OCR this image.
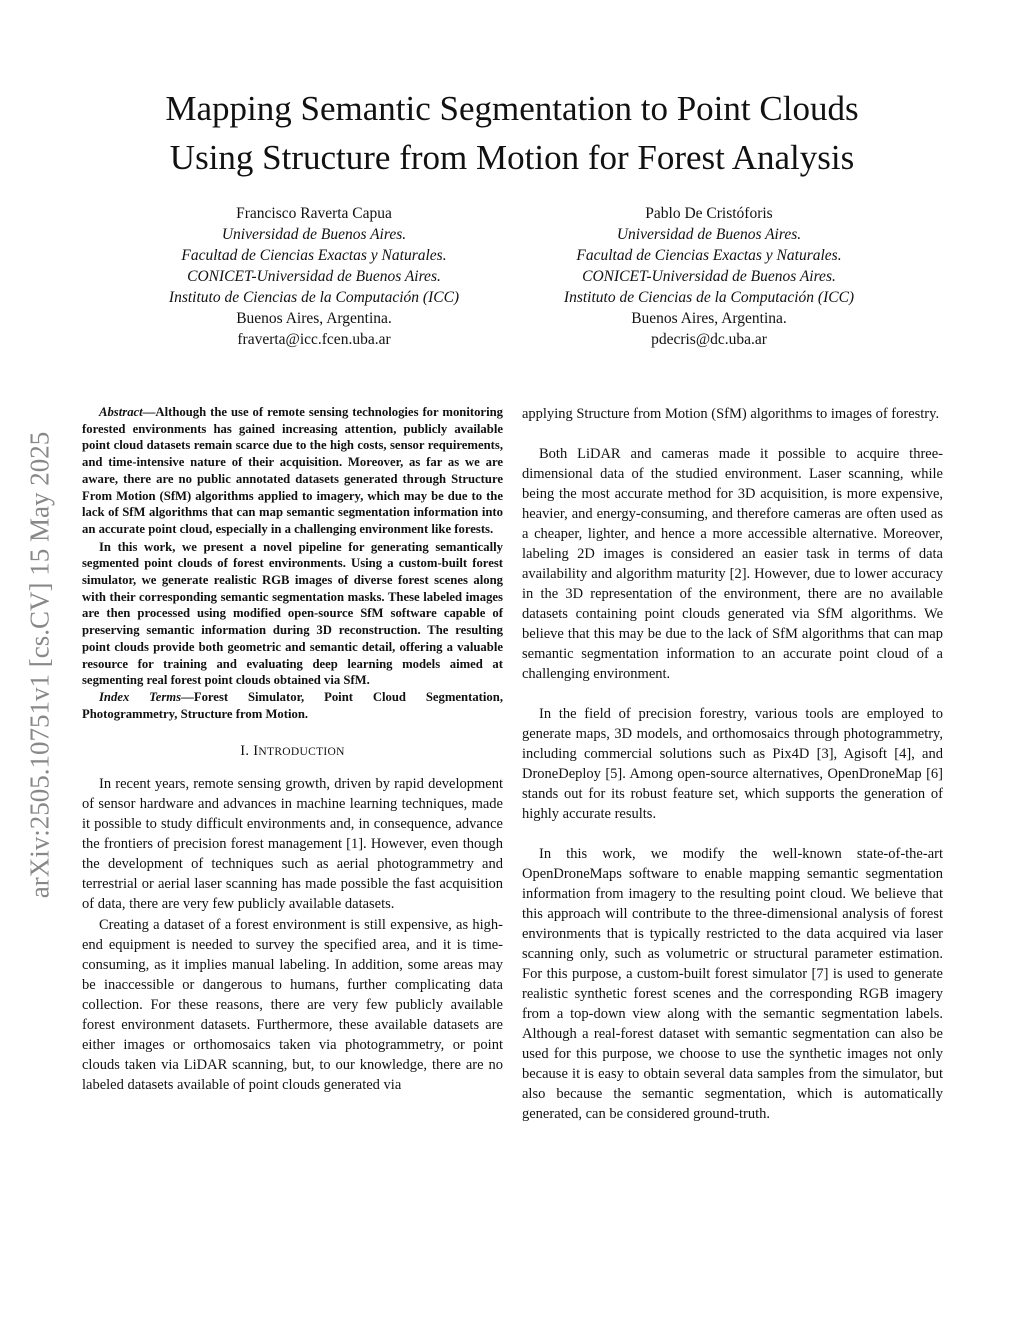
Mapping Semantic Segmentation to Point Clouds
Using Structure from Motion for Forest Analysis
Francisco Raverta Capua
Universidad de Buenos Aires.
Facultad de Ciencias Exactas y Naturales.
CONICET-Universidad de Buenos Aires.
Instituto de Ciencias de la Computación (ICC)
Buenos Aires, Argentina.
fraverta@icc.fcen.uba.ar
Pablo De Cristóforis
Universidad de Buenos Aires.
Facultad de Ciencias Exactas y Naturales.
CONICET-Universidad de Buenos Aires.
Instituto de Ciencias de la Computación (ICC)
Buenos Aires, Argentina.
pdecris@dc.uba.ar
arXiv:2505.10751v1 [cs.CV] 15 May 2025

Abstract—Although the use of remote sensing technologies for monitoring forested environments has gained increasing attention, publicly available point cloud datasets remain scarce due to the high costs, sensor requirements, and time-intensive nature of their acquisition. Moreover, as far as we are aware, there are no public annotated datasets generated through Structure From Motion (SfM) algorithms applied to imagery, which may be due to the lack of SfM algorithms that can map semantic segmentation information into an accurate point cloud, especially in a challenging environment like forests.

In this work, we present a novel pipeline for generating semantically segmented point clouds of forest environments. Using a custom-built forest simulator, we generate realistic RGB images of diverse forest scenes along with their corresponding semantic segmentation masks. These labeled images are then processed using modified open-source SfM software capable of preserving semantic information during 3D reconstruction. The resulting point clouds provide both geometric and semantic detail, offering a valuable resource for training and evaluating deep learning models aimed at segmenting real forest point clouds obtained via SfM.

Index Terms—Forest Simulator, Point Cloud Segmentation, Photogrammetry, Structure from Motion.

I. INTRODUCTION

In recent years, remote sensing growth, driven by rapid development of sensor hardware and advances in machine learning techniques, made it possible to study difficult environments and, in consequence, advance the frontiers of precision forest management [1]. However, even though the development of techniques such as aerial photogrammetry and terrestrial or aerial laser scanning has made possible the fast acquisition of data, there are very few publicly available datasets.

Creating a dataset of a forest environment is still expensive, as high-end equipment is needed to survey the specified area, and it is time-consuming, as it implies manual labeling. In addition, some areas may be inaccessible or dangerous to humans, further complicating data collection. For these reasons, there are very few publicly available forest environment datasets. Furthermore, these available datasets are either images or orthomosaics taken via photogrammetry, or point clouds taken via LiDAR scanning, but, to our knowledge, there are no labeled datasets available of point clouds generated via

applying Structure from Motion (SfM) algorithms to images of forestry.

Both LiDAR and cameras made it possible to acquire three-dimensional data of the studied environment. Laser scanning, while being the most accurate method for 3D acquisition, is more expensive, heavier, and energy-consuming, and therefore cameras are often used as a cheaper, lighter, and hence a more accessible alternative. Moreover, labeling 2D images is considered an easier task in terms of data availability and algorithm maturity [2]. However, due to lower accuracy in the 3D representation of the environment, there are no available datasets containing point clouds generated via SfM algorithms. We believe that this may be due to the lack of SfM algorithms that can map semantic segmentation information to an accurate point cloud of a challenging environment.

In the field of precision forestry, various tools are employed to generate maps, 3D models, and orthomosaics through photogrammetry, including commercial solutions such as Pix4D [3], Agisoft [4], and DroneDeploy [5]. Among open-source alternatives, OpenDroneMap [6] stands out for its robust feature set, which supports the generation of highly accurate results.

In this work, we modify the well-known state-of-the-art OpenDroneMaps software to enable mapping semantic segmentation information from imagery to the resulting point cloud. We believe that this approach will contribute to the three-dimensional analysis of forest environments that is typically restricted to the data acquired via laser scanning only, such as volumetric or structural parameter estimation. For this purpose, a custom-built forest simulator [7] is used to generate realistic synthetic forest scenes and the corresponding RGB imagery from a top-down view along with the semantic segmentation labels. Although a real-forest dataset with semantic segmentation can also be used for this purpose, we choose to use the synthetic images not only because it is easy to obtain several data samples from the simulator, but also because the semantic segmentation, which is automatically generated, can be considered ground-truth.
